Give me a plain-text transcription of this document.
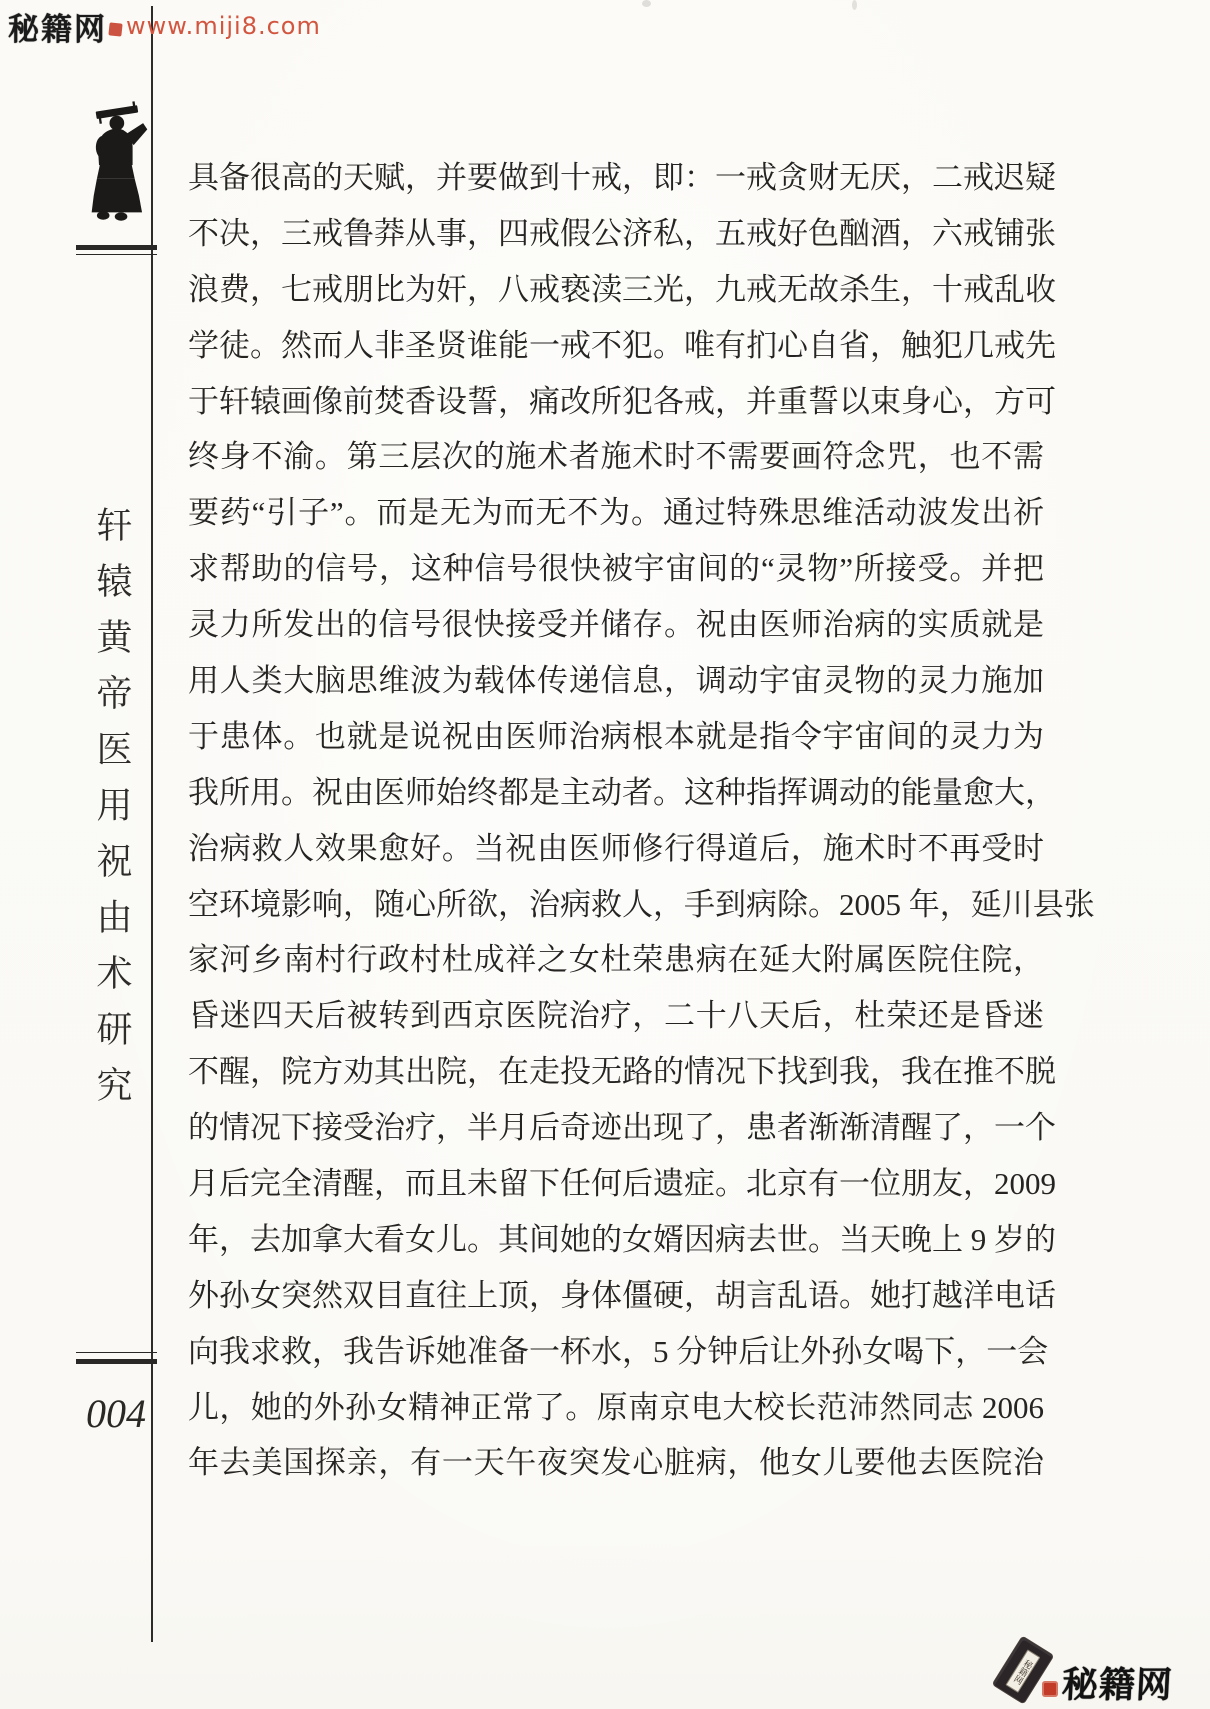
秘籍网 www.miji8.com
轩辕黄帝医用祝由术研究
004
具备很高的天赋，并要做到十戒，即：一戒贪财无厌，二戒迟疑
不决，三戒鲁莽从事，四戒假公济私，五戒好色酗酒，六戒铺张
浪费，七戒朋比为奸，八戒亵渎三光，九戒无故杀生，十戒乱收
学徒。然而人非圣贤谁能一戒不犯。唯有扪心自省，触犯几戒先
于轩辕画像前焚香设誓，痛改所犯各戒，并重誓以束身心，方可
终身不渝。第三层次的施术者施术时不需要画符念咒，也不需
要药“引子”。而是无为而无不为。通过特殊思维活动波发出祈
求帮助的信号，这种信号很快被宇宙间的“灵物”所接受。并把
灵力所发出的信号很快接受并储存。祝由医师治病的实质就是
用人类大脑思维波为载体传递信息，调动宇宙灵物的灵力施加
于患体。也就是说祝由医师治病根本就是指令宇宙间的灵力为
我所用。祝由医师始终都是主动者。这种指挥调动的能量愈大，
治病救人效果愈好。当祝由医师修行得道后，施术时不再受时
空环境影响，随心所欲，治病救人，手到病除。2005 年，延川县张
家河乡南村行政村杜成祥之女杜荣患病在延大附属医院住院，
昏迷四天后被转到西京医院治疗，二十八天后，杜荣还是昏迷
不醒，院方劝其出院，在走投无路的情况下找到我，我在推不脱
的情况下接受治疗，半月后奇迹出现了，患者渐渐清醒了，一个
月后完全清醒，而且未留下任何后遗症。北京有一位朋友，2009
年，去加拿大看女儿。其间她的女婿因病去世。当天晚上 9 岁的
外孙女突然双目直往上顶，身体僵硬，胡言乱语。她打越洋电话
向我求救，我告诉她准备一杯水，5 分钟后让外孙女喝下，一会
儿，她的外孙女精神正常了。原南京电大校长范沛然同志 2006
年去美国探亲，有一天午夜突发心脏病，他女儿要他去医院治
秘籍网 秘籍网
